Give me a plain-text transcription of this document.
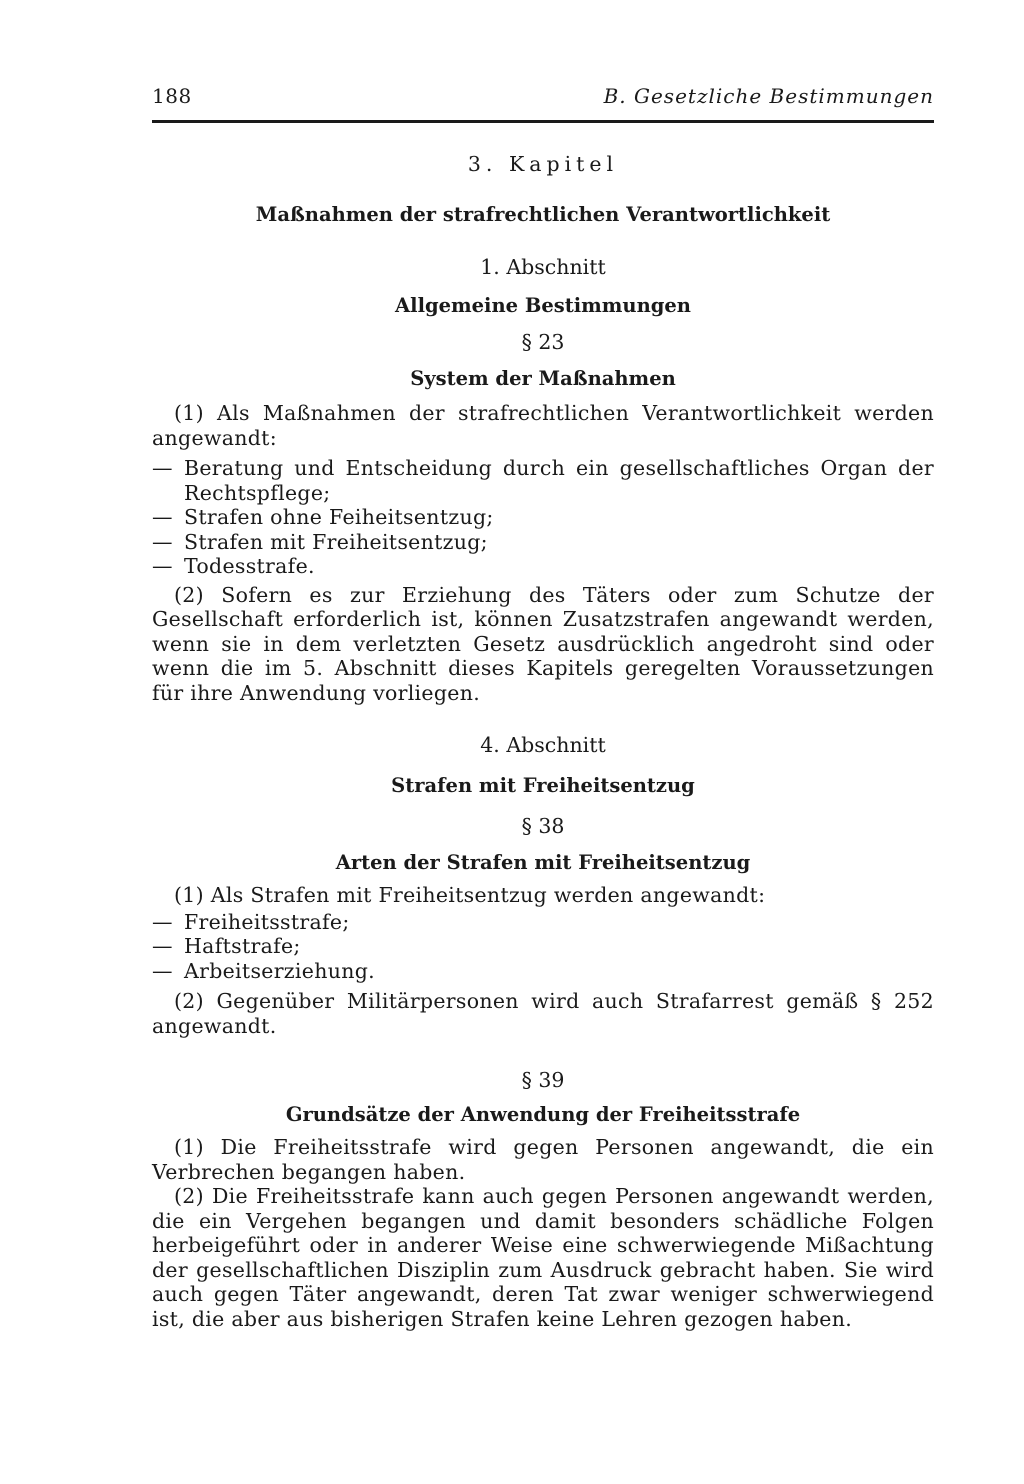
188	B. Gesetzliche Bestimmungen

3. Kapitel

Maßnahmen der strafrechtlichen Verantwortlichkeit

1. Abschnitt

Allgemeine Bestimmungen

§ 23

System der Maßnahmen

(1) Als Maßnahmen der strafrechtlichen Verantwortlichkeit werden angewandt:

— Beratung und Entscheidung durch ein gesellschaftliches Organ der Rechtspflege;
— Strafen ohne Feiheitsentzug;
— Strafen mit Freiheitsentzug;
— Todesstrafe.

(2) Sofern es zur Erziehung des Täters oder zum Schutze der Gesellschaft erforderlich ist, können Zusatzstrafen angewandt werden, wenn sie in dem verletzten Gesetz ausdrücklich angedroht sind oder wenn die im 5. Abschnitt dieses Kapitels geregelten Voraussetzungen für ihre Anwendung vorliegen.

4. Abschnitt

Strafen mit Freiheitsentzug

§ 38

Arten der Strafen mit Freiheitsentzug

(1) Als Strafen mit Freiheitsentzug werden angewandt:

— Freiheitsstrafe;
— Haftstrafe;
— Arbeitserziehung.

(2) Gegenüber Militärpersonen wird auch Strafarrest gemäß § 252 angewandt.

§ 39

Grundsätze der Anwendung der Freiheitsstrafe

(1) Die Freiheitsstrafe wird gegen Personen angewandt, die ein Verbrechen begangen haben.

(2) Die Freiheitsstrafe kann auch gegen Personen angewandt werden, die ein Vergehen begangen und damit besonders schädliche Folgen herbeigeführt oder in anderer Weise eine schwerwiegende Mißachtung der gesellschaftlichen Disziplin zum Ausdruck gebracht haben. Sie wird auch gegen Täter angewandt, deren Tat zwar weniger schwerwiegend ist, die aber aus bisherigen Strafen keine Lehren gezogen haben.
